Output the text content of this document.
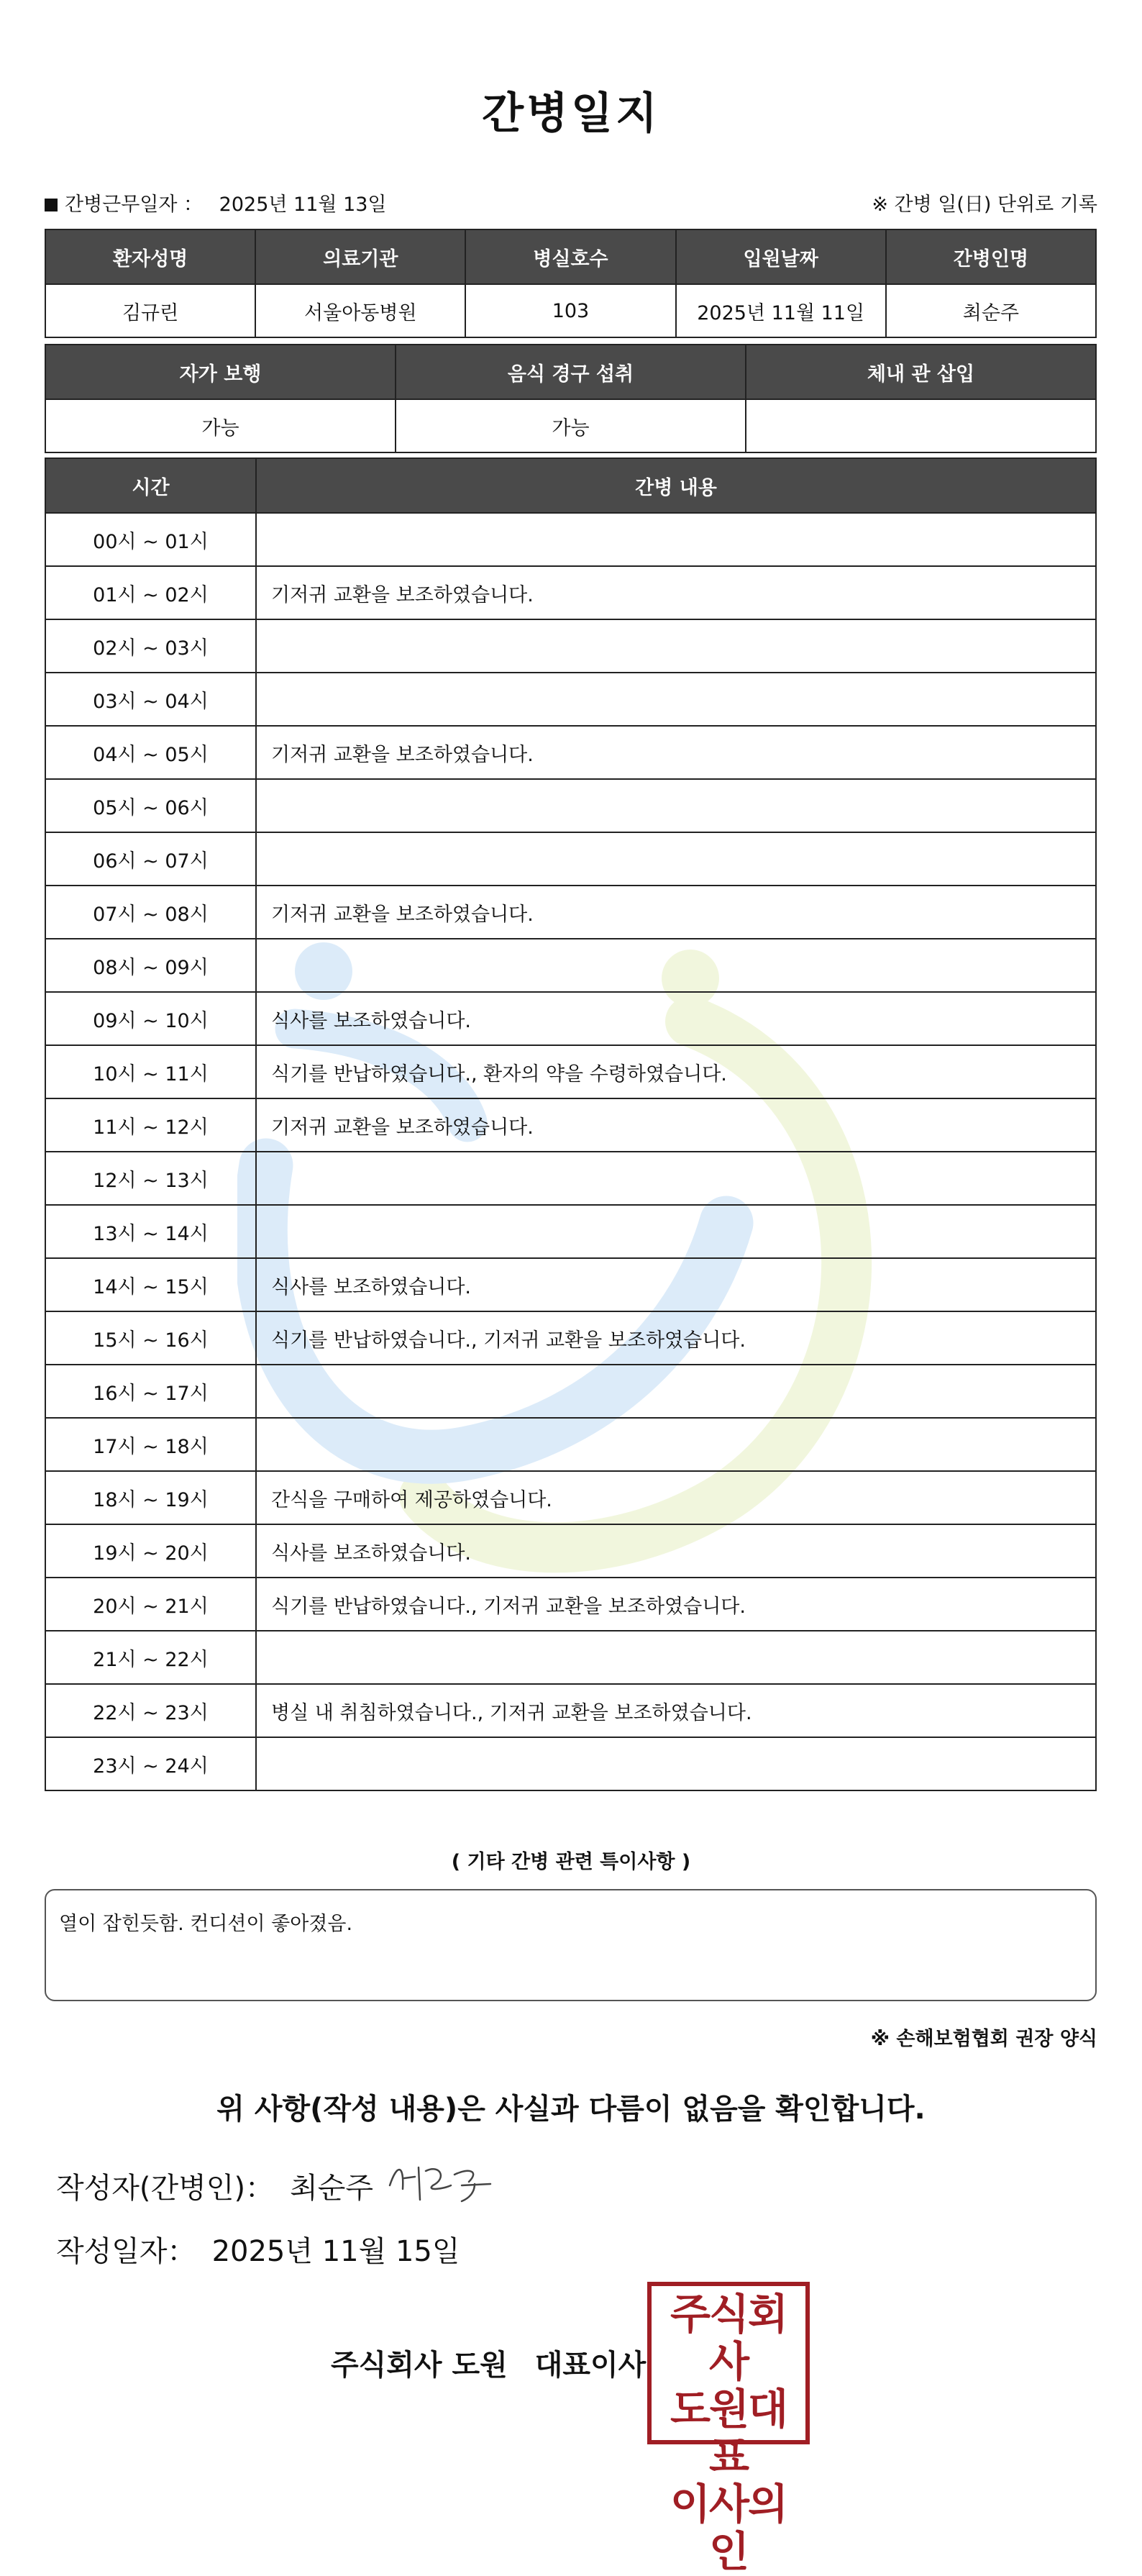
간병일지
간병근무일자 ： 2025년 11월 13일	※ 간병 일(日) 단위로 기록
환자성명	의료기관	병실호수	입원날짜	간병인명
김규린	서울아동병원	103	2025년 11월 11일	최순주
자가 보행	음식 경구 섭취	체내 관 삽입
가능	가능	
시간	간병 내용
00시 ~ 01시	
01시 ~ 02시	기저귀 교환을 보조하였습니다.
02시 ~ 03시	
03시 ~ 04시	
04시 ~ 05시	기저귀 교환을 보조하였습니다.
05시 ~ 06시	
06시 ~ 07시	
07시 ~ 08시	기저귀 교환을 보조하였습니다.
08시 ~ 09시	
09시 ~ 10시	식사를 보조하였습니다.
10시 ~ 11시	식기를 반납하였습니다., 환자의 약을 수령하였습니다.
11시 ~ 12시	기저귀 교환을 보조하였습니다.
12시 ~ 13시	
13시 ~ 14시	
14시 ~ 15시	식사를 보조하였습니다.
15시 ~ 16시	식기를 반납하였습니다., 기저귀 교환을 보조하였습니다.
16시 ~ 17시	
17시 ~ 18시	
18시 ~ 19시	간식을 구매하여 제공하였습니다.
19시 ~ 20시	식사를 보조하였습니다.
20시 ~ 21시	식기를 반납하였습니다., 기저귀 교환을 보조하였습니다.
21시 ~ 22시	
22시 ~ 23시	병실 내 취침하였습니다., 기저귀 교환을 보조하였습니다.
23시 ~ 24시	
( 기타 간병 관련 특이사항 )
열이 잡힌듯함. 컨디션이 좋아졌음.
※ 손해보험협회 권장 양식
위 사항(작성 내용)은 사실과 다름이 없음을 확인합니다.
작성자(간병인)： 최순주
작성일자： 2025년 11월 15일
주식회사 도원 대표이사
주식회사
도원대표
이사의인
